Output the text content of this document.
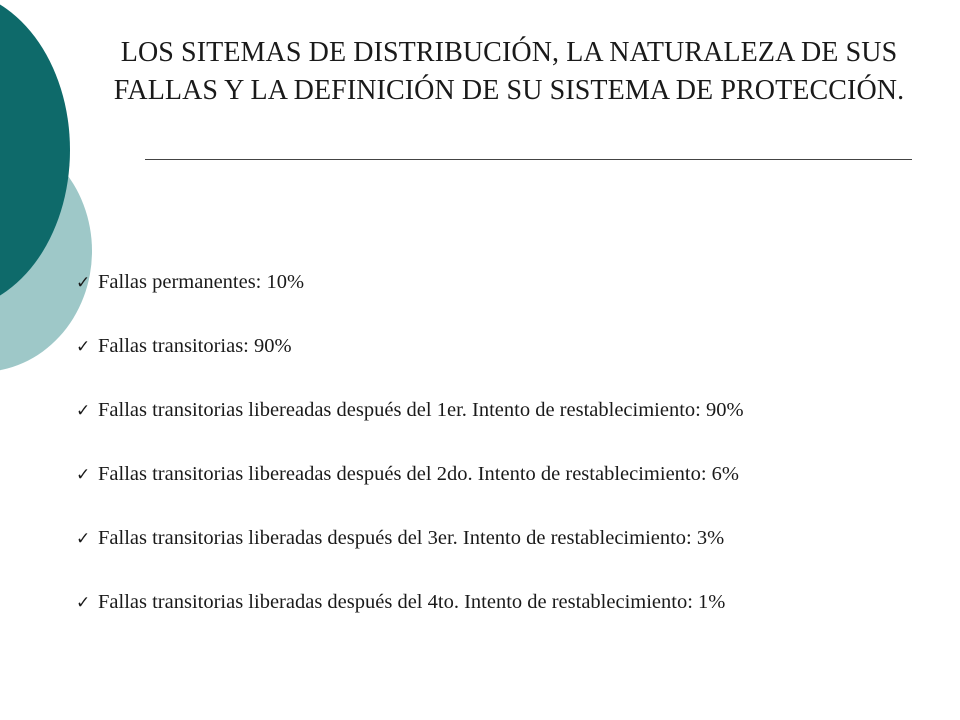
LOS SITEMAS DE DISTRIBUCIÓN, LA NATURALEZA DE SUS FALLAS Y LA DEFINICIÓN DE SU SISTEMA DE PROTECCIÓN.
✓ Fallas permanentes: 10%
✓ Fallas transitorias: 90%
✓ Fallas transitorias libereadas después del 1er. Intento de restablecimiento: 90%
✓ Fallas transitorias libereadas después del 2do. Intento de restablecimiento: 6%
✓ Fallas transitorias liberadas después del 3er. Intento de restablecimiento: 3%
✓ Fallas transitorias liberadas después del 4to. Intento de restablecimiento: 1%
